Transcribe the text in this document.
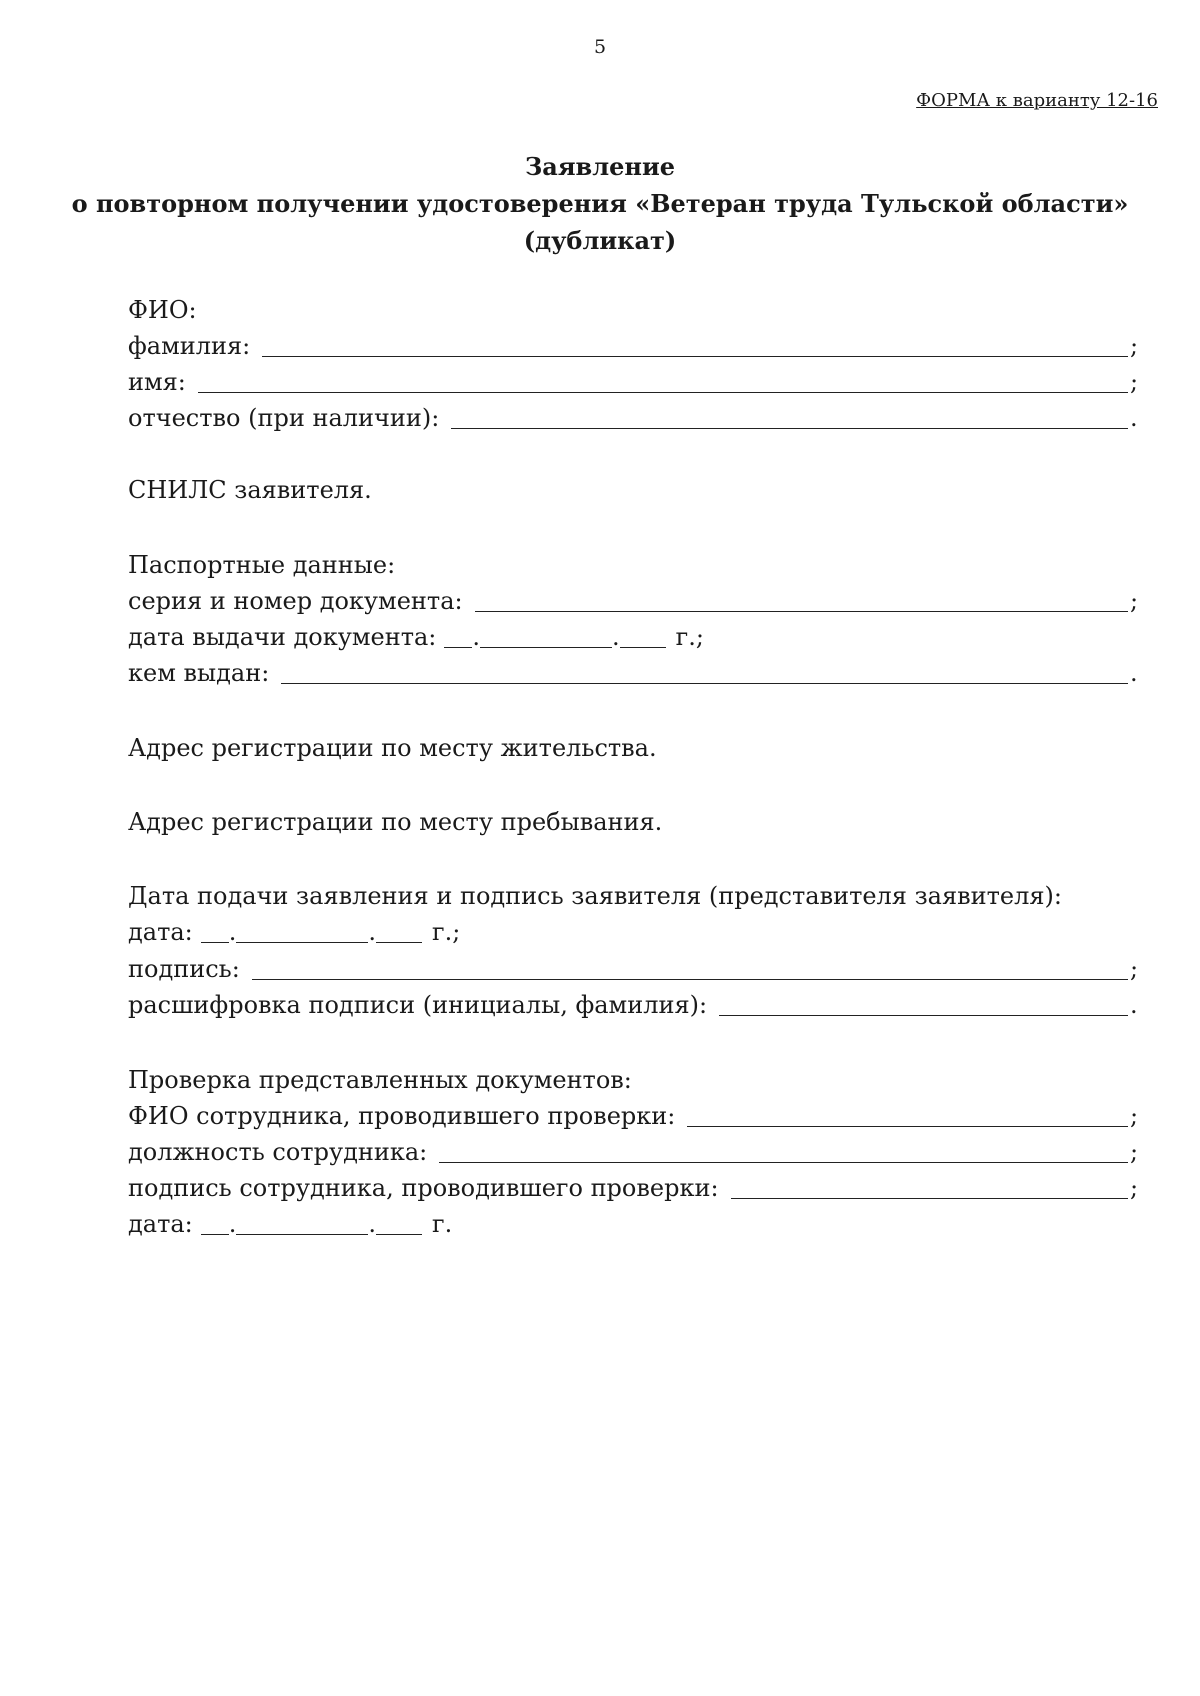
5
ФОРМА к варианту 12-16
Заявление
о повторном получении удостоверения «Ветеран труда Тульской области»
(дубликат)
ФИО:
фамилия:	;
имя:	;
отчество (при наличии):	.
СНИЛС заявителя.
Паспортные данные:
серия и номер документа:	;
дата выдачи документа: .	. г.;
кем выдан:	.
Адрес регистрации по месту жительства.
Адрес регистрации по месту пребывания.
Дата подачи заявления и подпись заявителя (представителя заявителя):
дата: .	. г.;
подпись:	;
расшифровка подписи (инициалы, фамилия):	.
Проверка представленных документов:
ФИО сотрудника, проводившего проверки:	;
должность сотрудника:	;
подпись сотрудника, проводившего проверки:	;
дата: .	. г.
